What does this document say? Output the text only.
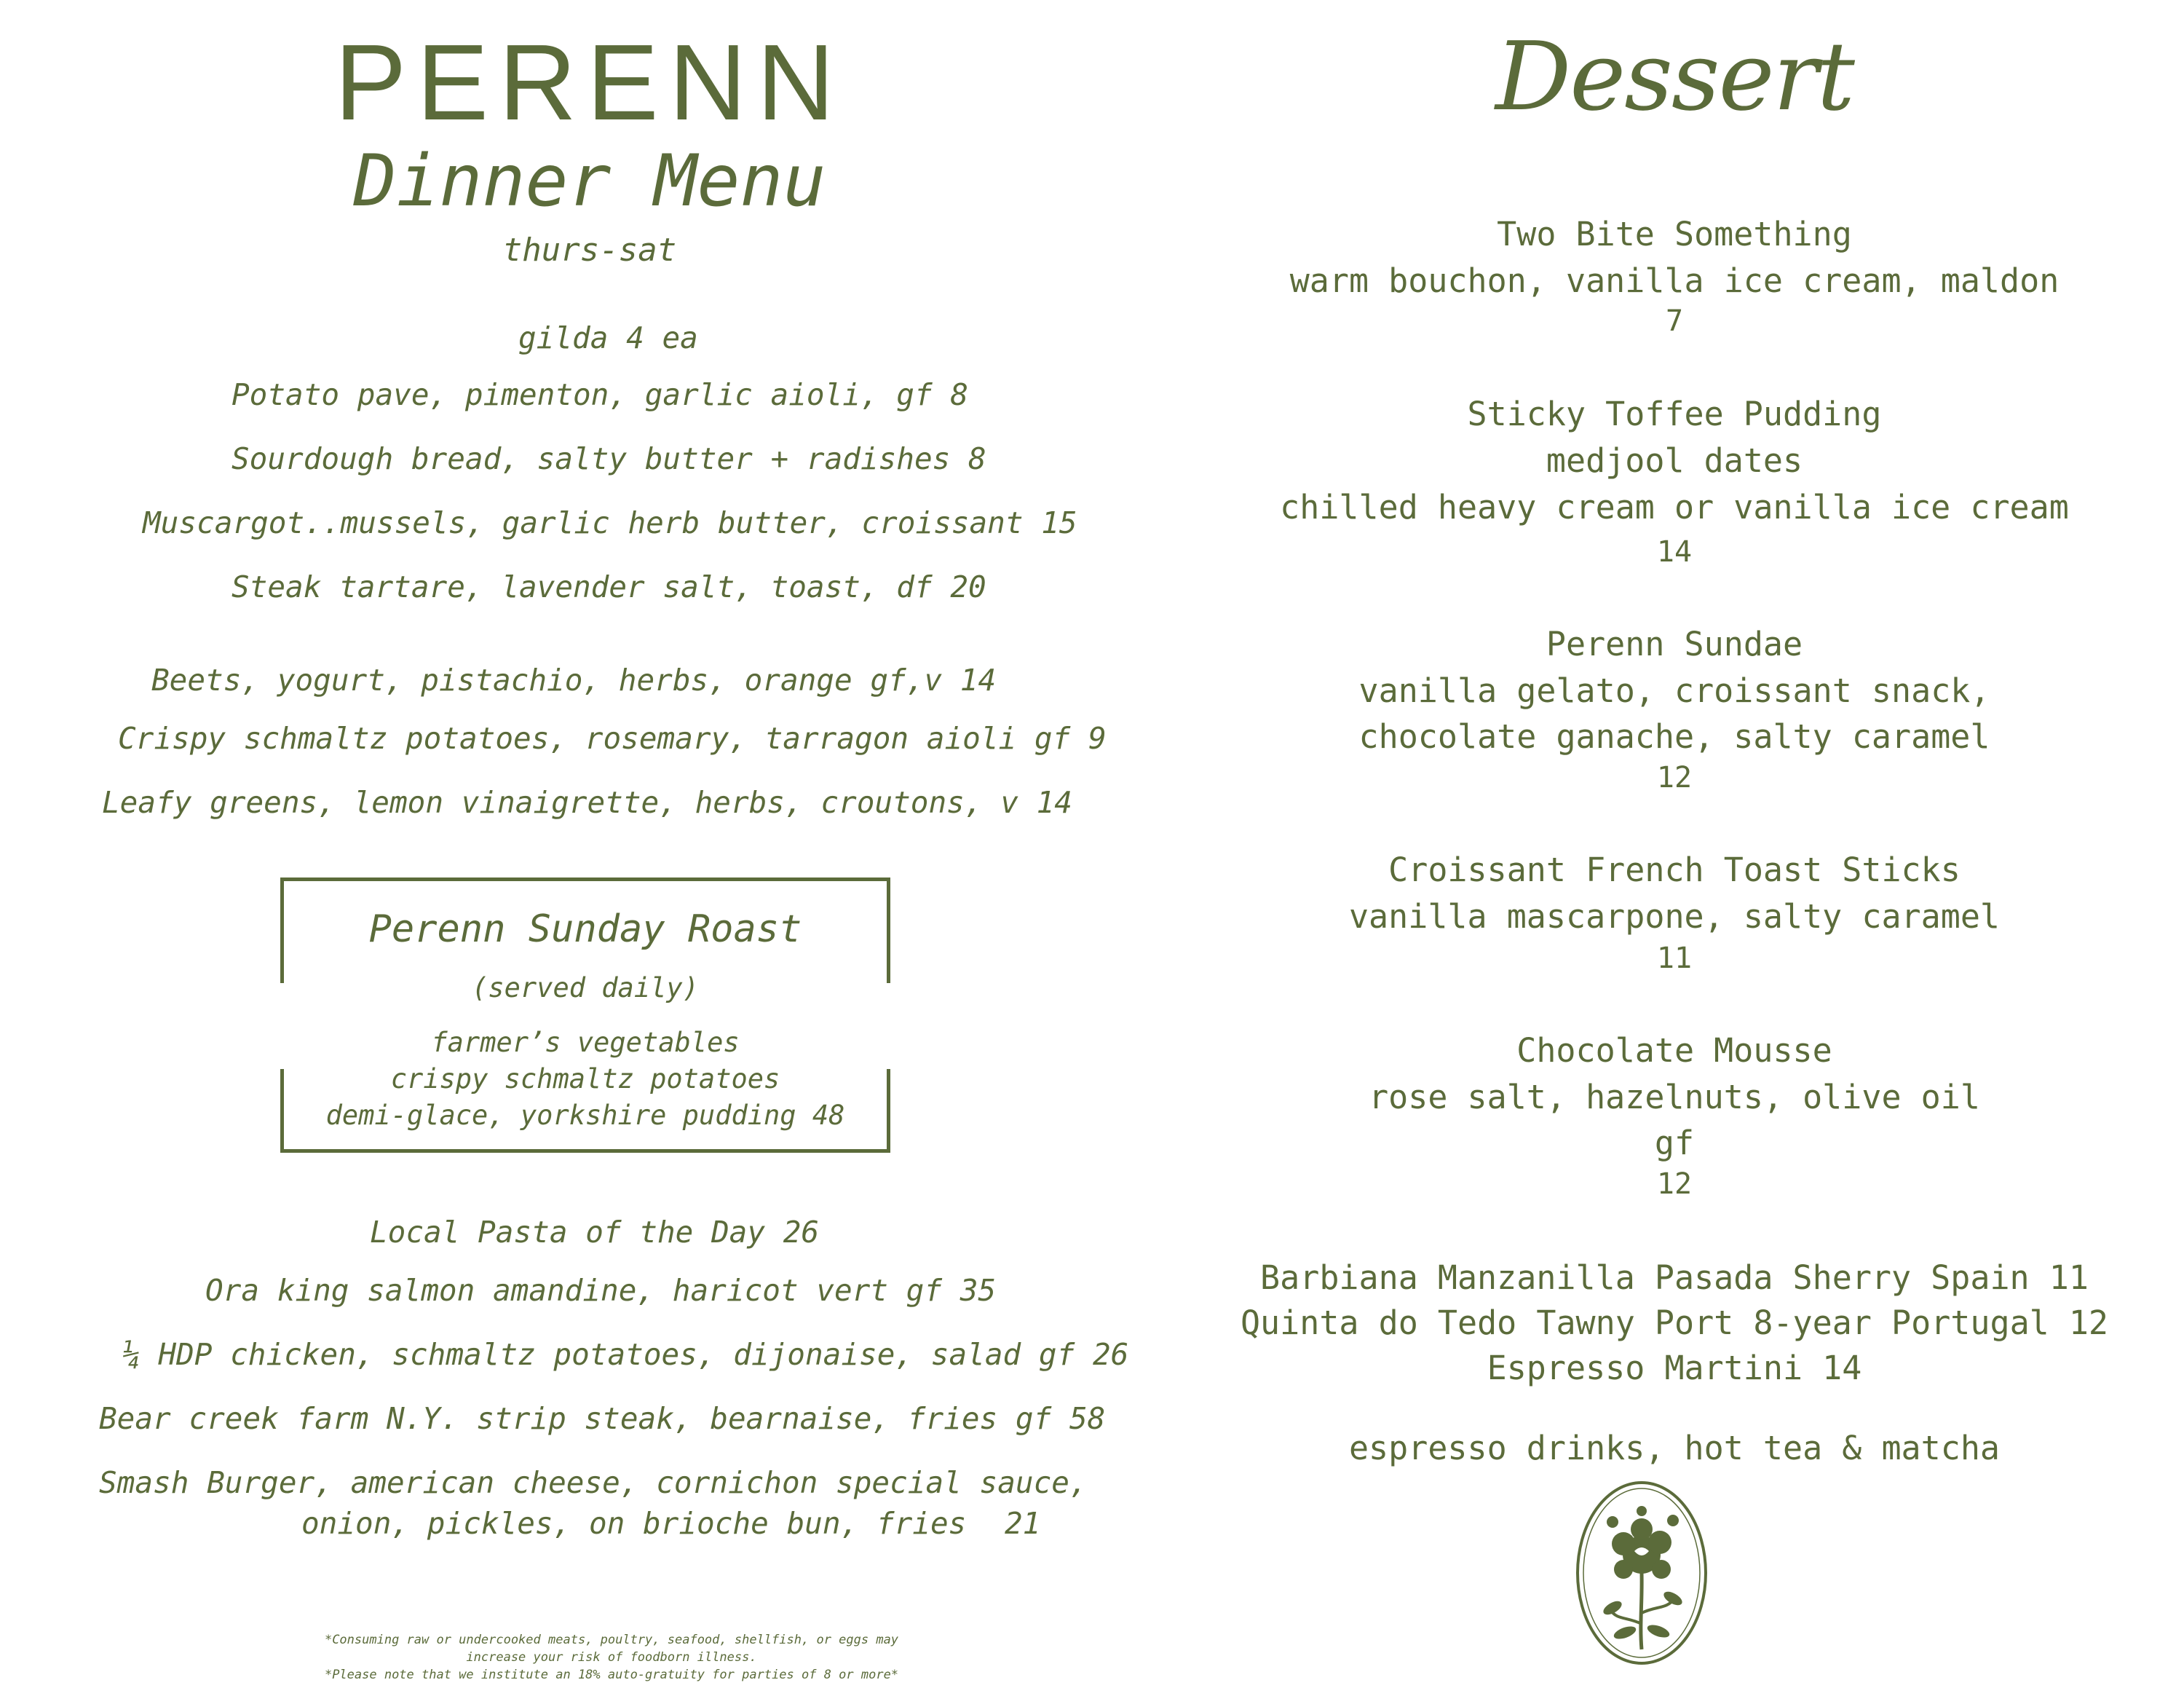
PERENN
Dinner Menu
thurs-sat
gilda 4 ea
Potato pave, pimenton, garlic aioli, gf 8
Sourdough bread, salty butter + radishes 8
Muscargot..mussels, garlic herb butter, croissant 15
Steak tartare, lavender salt, toast, df 20
Beets, yogurt, pistachio, herbs, orange gf,v 14
Crispy schmaltz potatoes, rosemary, tarragon aioli gf 9
Leafy greens, lemon vinaigrette, herbs, croutons, v 14
Perenn Sunday Roast
(served daily)
farmer’s vegetables
crispy schmaltz potatoes
demi-glace, yorkshire pudding 48
Local Pasta of the Day 26
Ora king salmon amandine, haricot vert gf 35
¼ HDP chicken, schmaltz potatoes, dijonaise, salad gf 26
Bear creek farm N.Y. strip steak, bearnaise, fries gf 58
Smash Burger, american cheese, cornichon special sauce,
onion, pickles, on brioche bun, fries 21
*Consuming raw or undercooked meats, poultry, seafood, shellfish, or eggs may
increase your risk of foodborn illness.
*Please note that we institute an 18% auto-gratuity for parties of 8 or more*
Dessert
Two Bite Something
warm bouchon, vanilla ice cream, maldon
7
Sticky Toffee Pudding
medjool dates
chilled heavy cream or vanilla ice cream
14
Perenn Sundae
vanilla gelato, croissant snack,
chocolate ganache, salty caramel
12
Croissant French Toast Sticks
vanilla mascarpone, salty caramel
11
Chocolate Mousse
rose salt, hazelnuts, olive oil
gf
12
Barbiana Manzanilla Pasada Sherry Spain 11
Quinta do Tedo Tawny Port 8-year Portugal 12
Espresso Martini 14
espresso drinks, hot tea & matcha
